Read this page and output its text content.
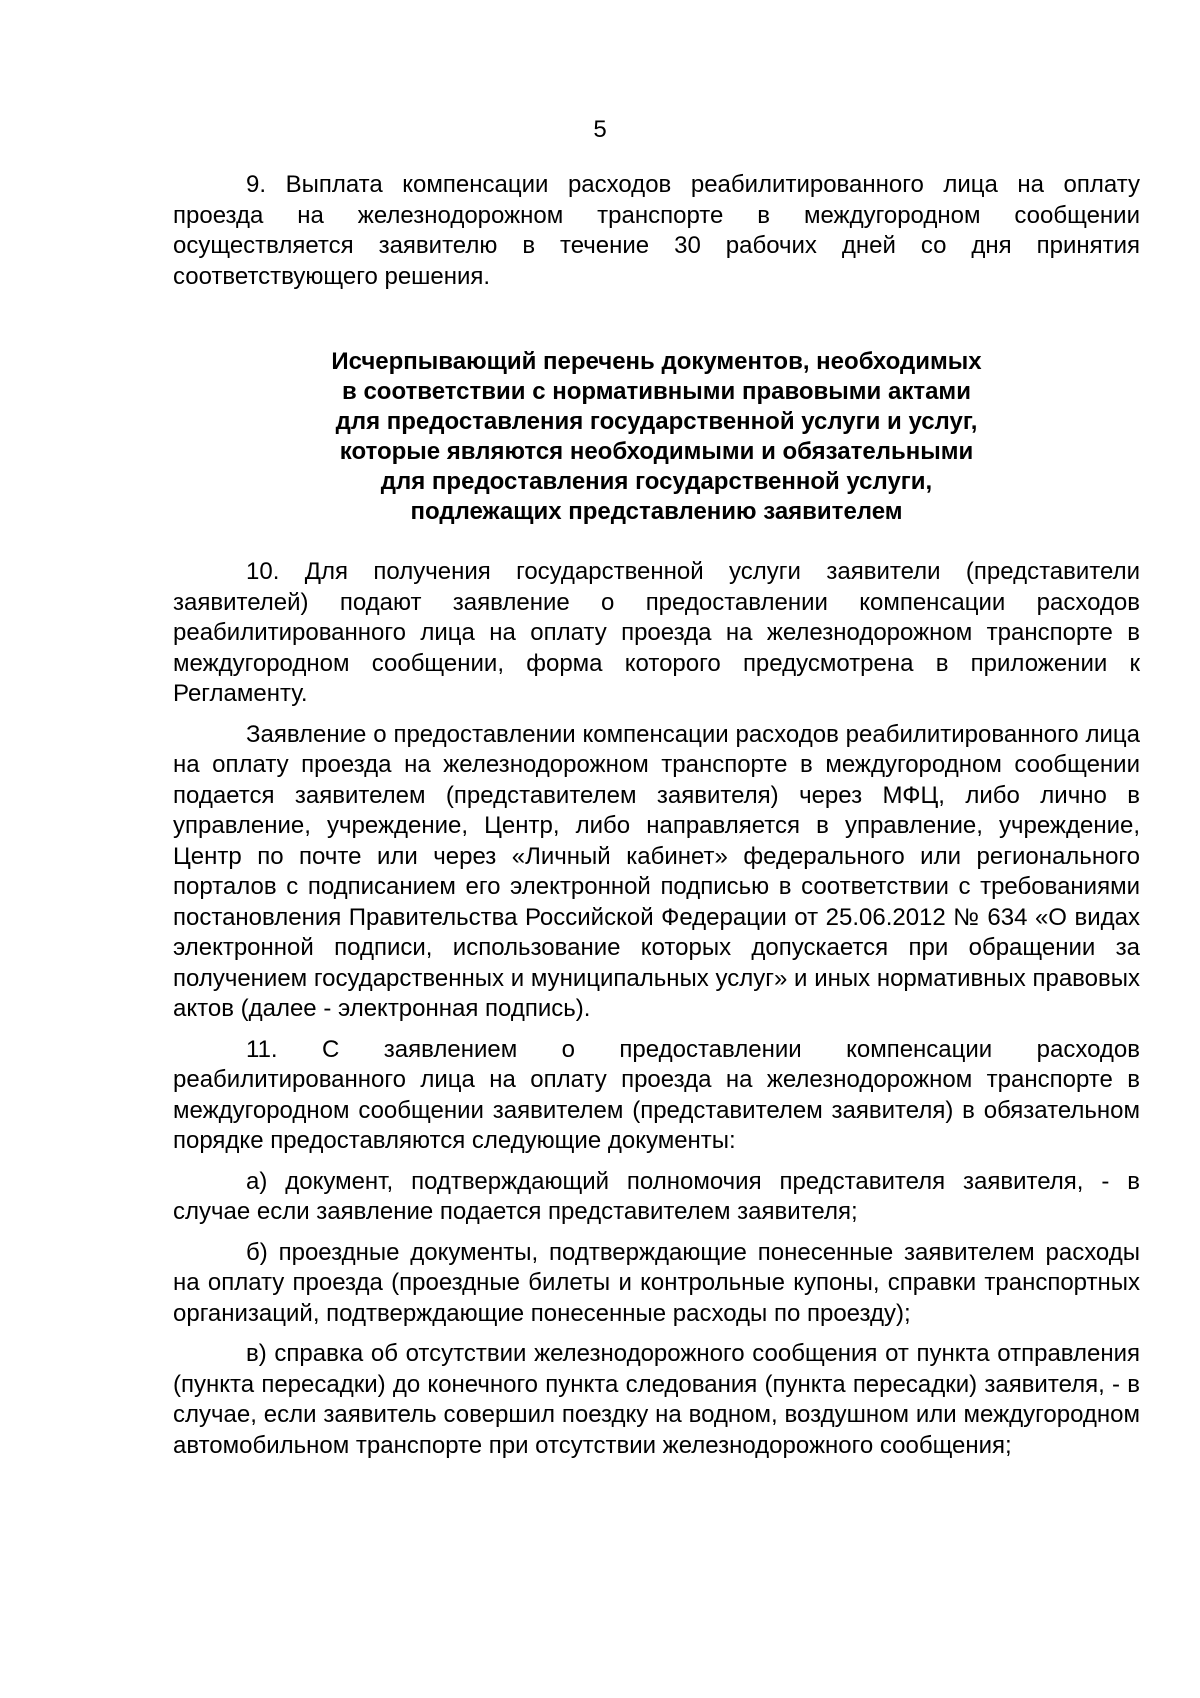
5

9. Выплата компенсации расходов реабилитированного лица на оплату проезда на железнодорожном транспорте в междугородном сообщении осуществляется заявителю в течение 30 рабочих дней со дня принятия соответствующего решения.

Исчерпывающий перечень документов, необходимых
в соответствии с нормативными правовыми актами
для предоставления государственной услуги и услуг,
которые являются необходимыми и обязательными
для предоставления государственной услуги,
подлежащих представлению заявителем

10. Для получения государственной услуги заявители (представители заявителей) подают заявление о предоставлении компенсации расходов реабилитированного лица на оплату проезда на железнодорожном транспорте в междугородном сообщении, форма которого предусмотрена в приложении к Регламенту.

Заявление о предоставлении компенсации расходов реабилитированного лица на оплату проезда на железнодорожном транспорте в междугородном сообщении подается заявителем (представителем заявителя) через МФЦ, либо лично в управление, учреждение, Центр, либо направляется в управление, учреждение, Центр по почте или через «Личный кабинет» федерального или регионального порталов с подписанием его электронной подписью в соответствии с требованиями постановления Правительства Российской Федерации от 25.06.2012 № 634 «О видах электронной подписи, использование которых допускается при обращении за получением государственных и муниципальных услуг» и иных нормативных правовых актов (далее - электронная подпись).

11. С заявлением о предоставлении компенсации расходов реабилитированного лица на оплату проезда на железнодорожном транспорте в междугородном сообщении заявителем (представителем заявителя) в обязательном порядке предоставляются следующие документы:

а) документ, подтверждающий полномочия представителя заявителя, - в случае если заявление подается представителем заявителя;

б) проездные документы, подтверждающие понесенные заявителем расходы на оплату проезда (проездные билеты и контрольные купоны, справки транспортных организаций, подтверждающие понесенные расходы по проезду);

в) справка об отсутствии железнодорожного сообщения от пункта отправления (пункта пересадки) до конечного пункта следования (пункта пересадки) заявителя, - в случае, если заявитель совершил поездку на водном, воздушном или междугородном автомобильном транспорте при отсутствии железнодорожного сообщения;
